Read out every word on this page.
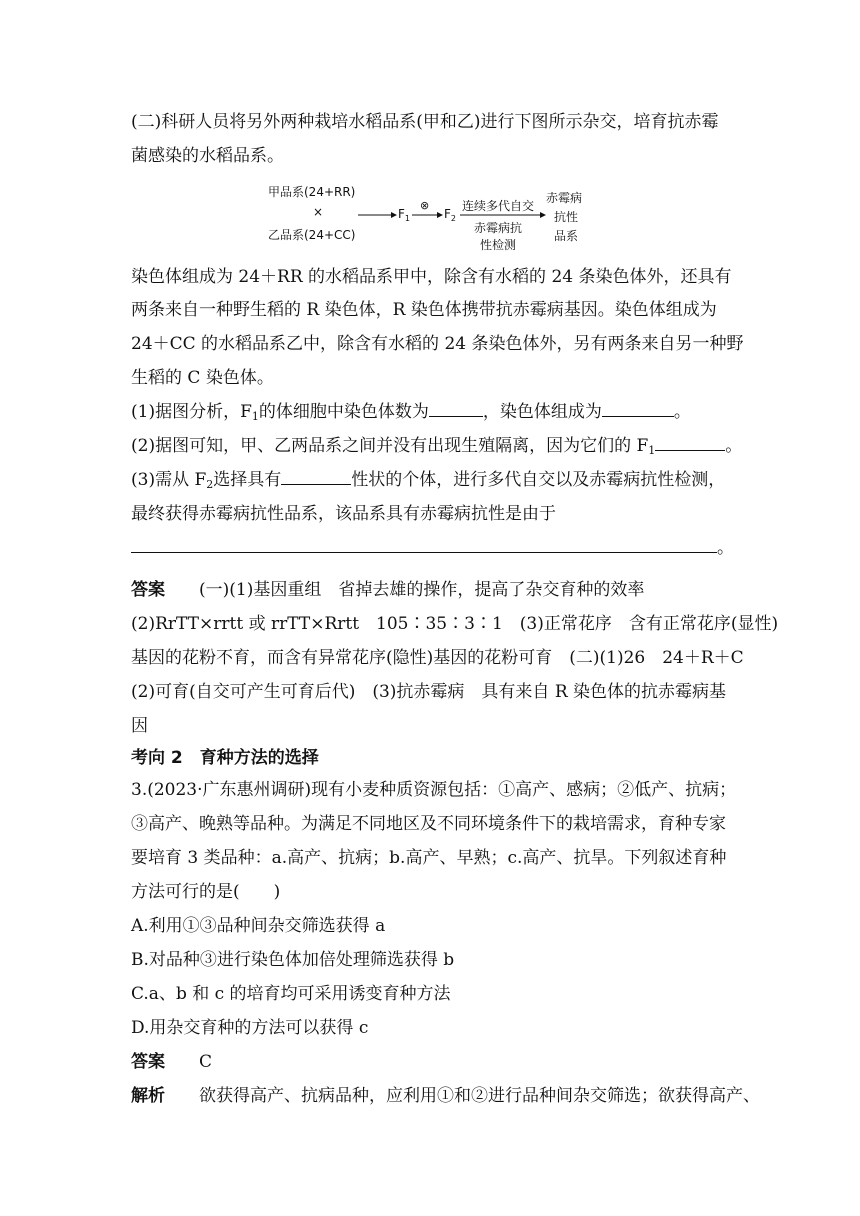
(二)科研人员将另外两种栽培水稻品系(甲和乙)进行下图所示杂交，培育抗赤霉
菌感染的水稻品系。
甲品系(24+RR)
×
乙品系(24+CC)
$F_1$
⊗
$F_2$
连续多代自交
赤霉病抗
性检测
赤霉病
抗性
品系
染色体组成为 24＋RR 的水稻品系甲中，除含有水稻的 24 条染色体外，还具有
两条来自一种野生稻的 R 染色体，R 染色体携带抗赤霉病基因。染色体组成为
24＋CC 的水稻品系乙中，除含有水稻的 24 条染色体外，另有两条来自另一种野
生稻的 C 染色体。
(1)据图分析，$F_1$的体细胞中染色体数为	，染色体组成为	。
(2)据图可知，甲、乙两品系之间并没有出现生殖隔离，因为它们的 $F_1$	。
(3)需从 $F_2$选择具有	性状的个体，进行多代自交以及赤霉病抗性检测，
最终获得赤霉病抗性品系，该品系具有赤霉病抗性是由于
。
答案　　 (一)(1)基因重组　省掉去雄的操作，提高了杂交育种的效率
(2)RrTT×rrtt 或 rrTT×Rrtt　105∶35∶3∶1　(3)正常花序　含有正常花序(显性)
基因的花粉不育，而含有异常花序(隐性)基因的花粉可育　(二)(1)26　24＋R＋C
(2)可育(自交可产生可育后代)　(3)抗赤霉病　具有来自 R 染色体的抗赤霉病基
因
考向 2　育种方法的选择
3.(2023·广东惠州调研)现有小麦种质资源包括：①高产、感病；②低产、抗病；
③高产、晚熟等品种。为满足不同地区及不同环境条件下的栽培需求，育种专家
要培育 3 类品种：a.高产、抗病；b.高产、早熟；c.高产、抗旱。下列叙述育种
方法可行的是(　　)
A.利用①③品种间杂交筛选获得 a
B.对品种③进行染色体加倍处理筛选获得 b
C.a、b 和 c 的培育均可采用诱变育种方法
D.用杂交育种的方法可以获得 c
答案　　 C
解析　　 欲获得高产、抗病品种，应利用①和②进行品种间杂交筛选；欲获得高产、
